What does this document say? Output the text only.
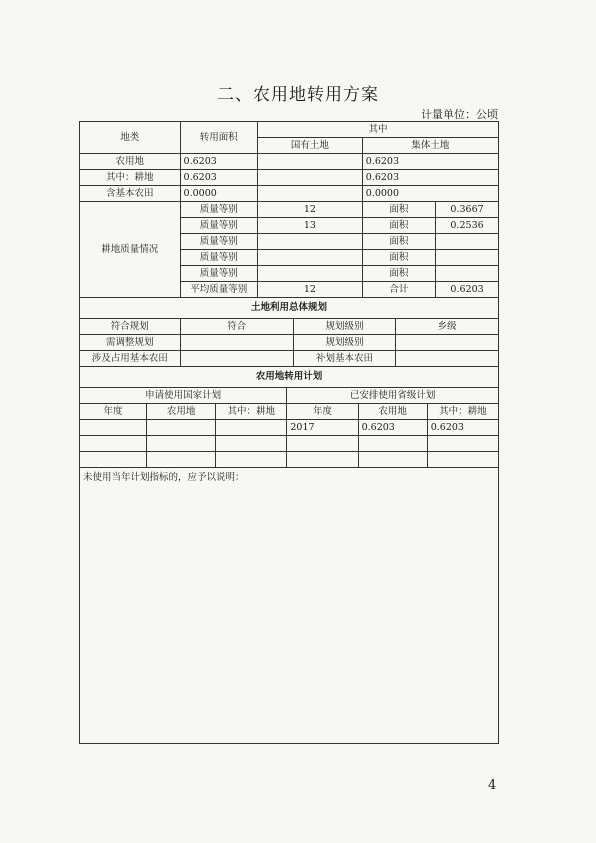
二、农用地转用方案
计量单位：公顷
地类	转用面积	其中				
		国有土地		集体土地		
农用地	0.6203			0.6203		
其中：耕地	0.6203			0.6203		
含基本农田	0.0000			0.0000		
耕地质量情况	质量等别	12		面积		0.3667
	质量等别	13		面积		0.2536
	质量等别			面积		
	质量等别			面积		
	质量等别			面积		
	平均质量等别	12		合计		0.6203
土地利用总体规划						
符合规划	符合		规划级别		乡级	
需调整规划			规划级别			
涉及占用基本农田			补划基本农田			
农用地转用计划						
申请使用国家计划			已安排使用省级计划		
年度	农用地	其中：耕地	年度	农用地	其中：耕地
			2017	0.6203	0.6203

未使用当年计划指标的，应予以说明：					
4
